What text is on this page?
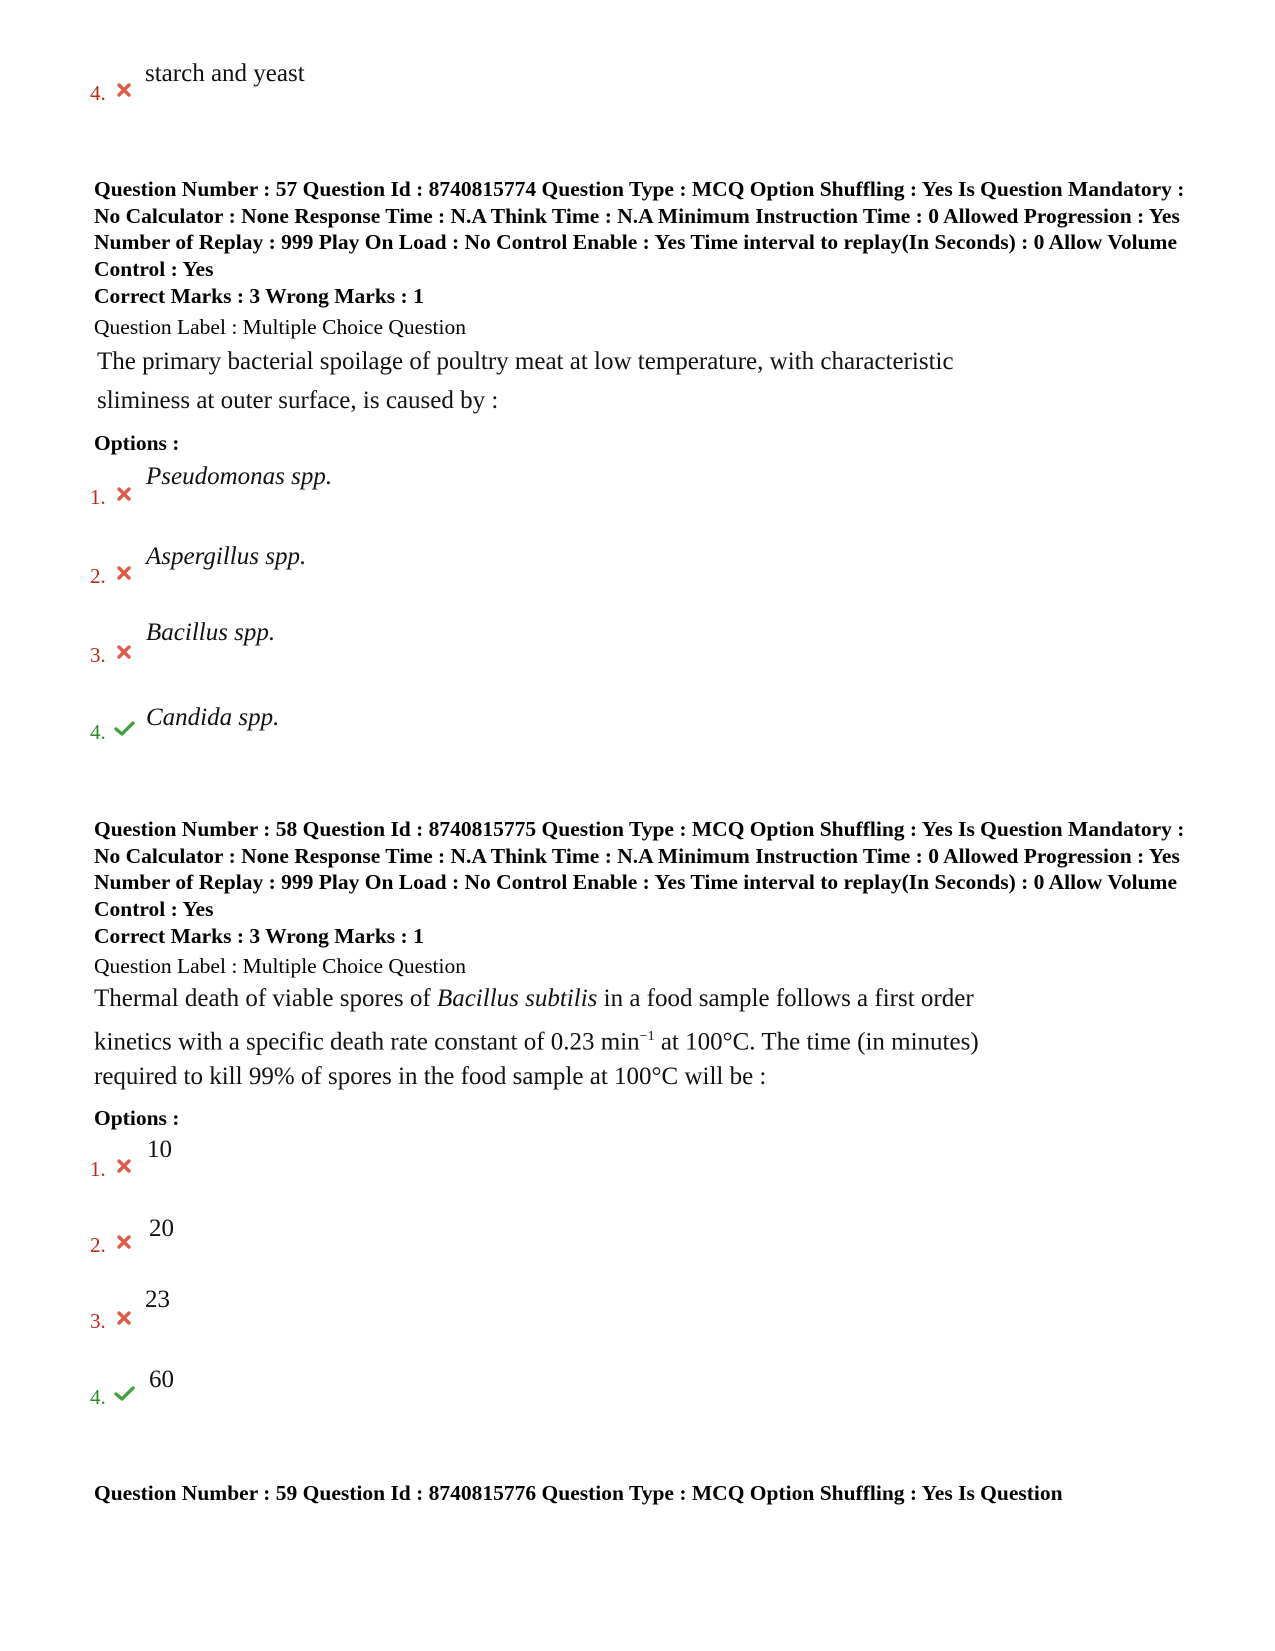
4.
starch and yeast
Question Number : 57 Question Id : 8740815774 Question Type : MCQ Option Shuffling : Yes Is Question Mandatory : No Calculator : None Response Time : N.A Think Time : N.A Minimum Instruction Time : 0 Allowed Progression : Yes Number of Replay : 999 Play On Load : No Control Enable : Yes Time interval to replay(In Seconds) : 0 Allow Volume Control : Yes
Correct Marks : 3 Wrong Marks : 1
Question Label : Multiple Choice Question
The primary bacterial spoilage of poultry meat at low temperature, with characteristic
sliminess at outer surface, is caused by :
Options :
1.
Pseudomonas spp.
2.
Aspergillus spp.
3.
Bacillus spp.
4.
Candida spp.
Question Number : 58 Question Id : 8740815775 Question Type : MCQ Option Shuffling : Yes Is Question Mandatory : No Calculator : None Response Time : N.A Think Time : N.A Minimum Instruction Time : 0 Allowed Progression : Yes Number of Replay : 999 Play On Load : No Control Enable : Yes Time interval to replay(In Seconds) : 0 Allow Volume Control : Yes
Correct Marks : 3 Wrong Marks : 1
Question Label : Multiple Choice Question
Thermal death of viable spores of Bacillus subtilis in a food sample follows a first order
kinetics with a specific death rate constant of 0.23 $\min^{-1}$ at 100°C. The time (in minutes)
required to kill 99% of spores in the food sample at 100°C will be :
Options :
1.
10
2.
20
3.
23
4.
60
Question Number : 59 Question Id : 8740815776 Question Type : MCQ Option Shuffling : Yes Is Question
